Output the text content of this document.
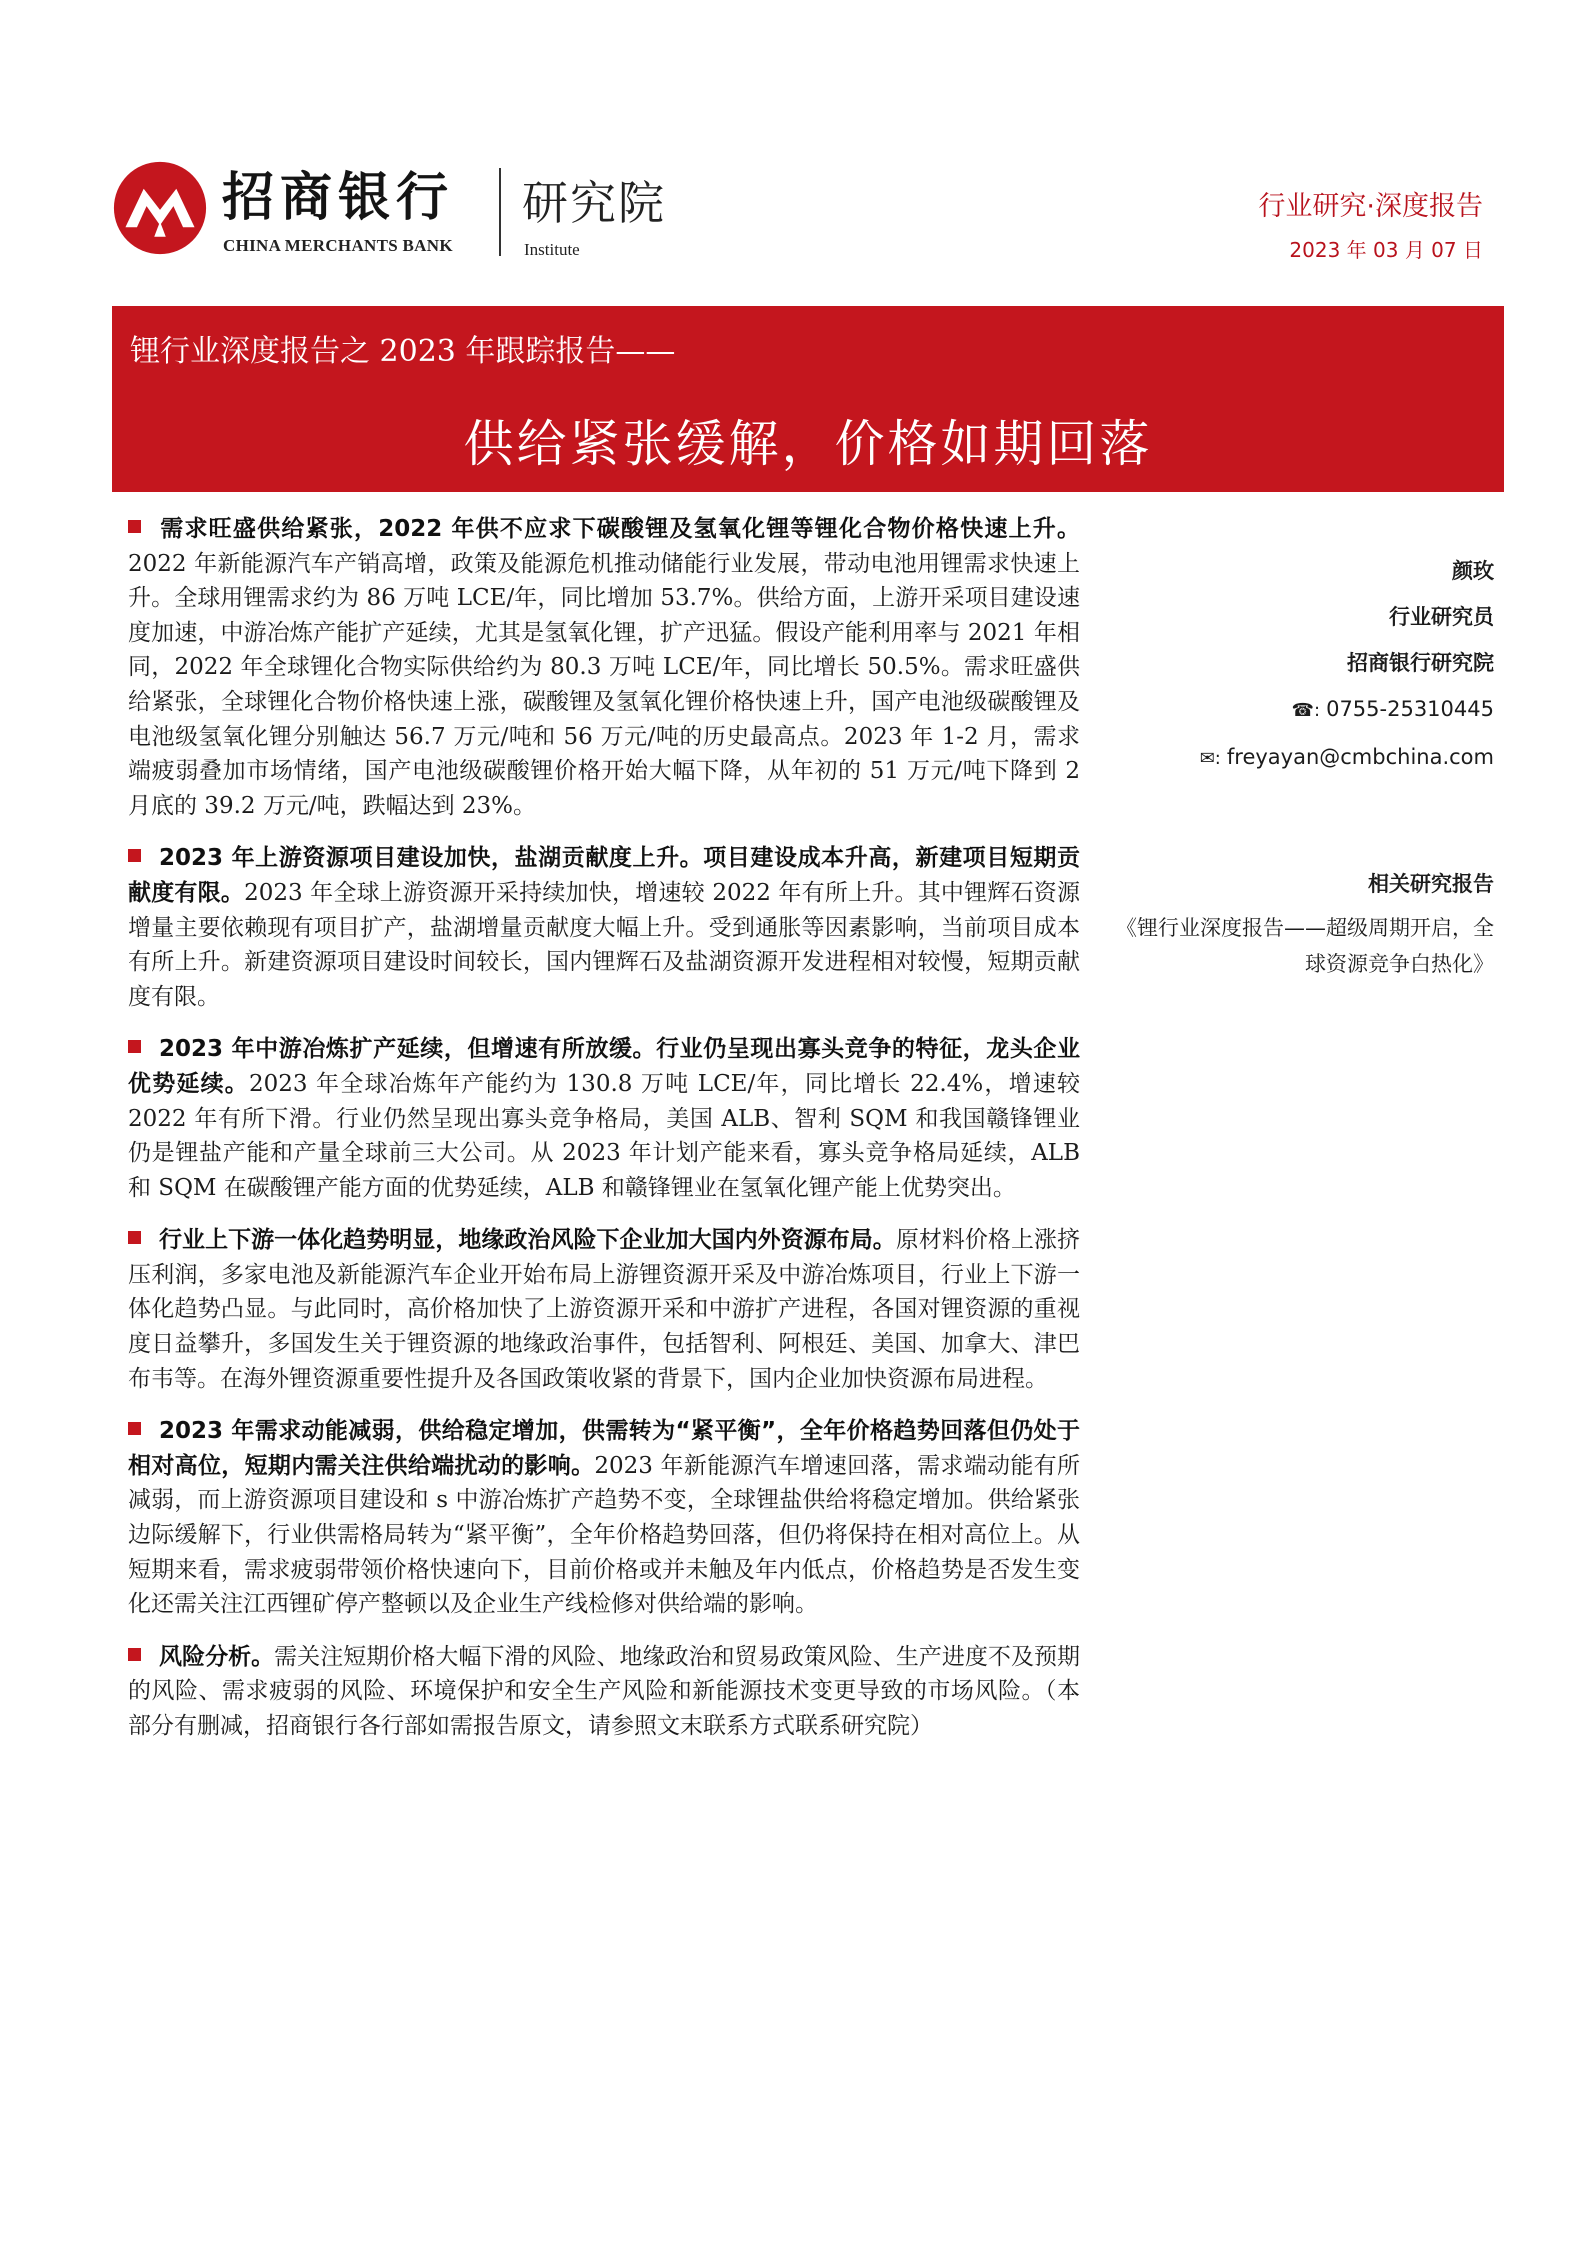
招商银行
CHINA MERCHANTS BANK
研究院
Institute
行业研究·深度报告
2023 年 03 月 07 日
锂行业深度报告之 2023 年跟踪报告——
供给紧张缓解，价格如期回落

需求旺盛供给紧张，2022 年供不应求下碳酸锂及氢氧化锂等锂化合物价格快速上升。2022 年新能源汽车产销高增，政策及能源危机推动储能行业发展，带动电池用锂需求快速上升。全球用锂需求约为 86 万吨 LCE/年，同比增加 53.7%。供给方面，上游开采项目建设速度加速，中游冶炼产能扩产延续，尤其是氢氧化锂，扩产迅猛。假设产能利用率与 2021 年相同，2022 年全球锂化合物实际供给约为 80.3 万吨 LCE/年，同比增长 50.5%。需求旺盛供给紧张，全球锂化合物价格快速上涨，碳酸锂及氢氧化锂价格快速上升，国产电池级碳酸锂及电池级氢氧化锂分别触达 56.7 万元/吨和 56 万元/吨的历史最高点。2023 年 1-2 月，需求端疲弱叠加市场情绪，国产电池级碳酸锂价格开始大幅下降，从年初的 51 万元/吨下降到 2 月底的 39.2 万元/吨，跌幅达到 23%。

2023 年上游资源项目建设加快，盐湖贡献度上升。项目建设成本升高，新建项目短期贡献度有限。2023 年全球上游资源开采持续加快，增速较 2022 年有所上升。其中锂辉石资源增量主要依赖现有项目扩产，盐湖增量贡献度大幅上升。受到通胀等因素影响，当前项目成本有所上升。新建资源项目建设时间较长，国内锂辉石及盐湖资源开发进程相对较慢，短期贡献度有限。

2023 年中游冶炼扩产延续，但增速有所放缓。行业仍呈现出寡头竞争的特征，龙头企业优势延续。2023 年全球冶炼年产能约为 130.8 万吨 LCE/年，同比增长 22.4%，增速较 2022 年有所下滑。行业仍然呈现出寡头竞争格局，美国 ALB、智利 SQM 和我国赣锋锂业仍是锂盐产能和产量全球前三大公司。从 2023 年计划产能来看，寡头竞争格局延续，ALB 和 SQM 在碳酸锂产能方面的优势延续，ALB 和赣锋锂业在氢氧化锂产能上优势突出。

行业上下游一体化趋势明显，地缘政治风险下企业加大国内外资源布局。原材料价格上涨挤压利润，多家电池及新能源汽车企业开始布局上游锂资源开采及中游冶炼项目，行业上下游一体化趋势凸显。与此同时，高价格加快了上游资源开采和中游扩产进程，各国对锂资源的重视度日益攀升，多国发生关于锂资源的地缘政治事件，包括智利、阿根廷、美国、加拿大、津巴布韦等。在海外锂资源重要性提升及各国政策收紧的背景下，国内企业加快资源布局进程。

2023 年需求动能减弱，供给稳定增加，供需转为“紧平衡”，全年价格趋势回落但仍处于相对高位，短期内需关注供给端扰动的影响。2023 年新能源汽车增速回落，需求端动能有所减弱，而上游资源项目建设和 s 中游冶炼扩产趋势不变，全球锂盐供给将稳定增加。供给紧张边际缓解下，行业供需格局转为“紧平衡”，全年价格趋势回落，但仍将保持在相对高位上。从短期来看，需求疲弱带领价格快速向下，目前价格或并未触及年内低点，价格趋势是否发生变化还需关注江西锂矿停产整顿以及企业生产线检修对供给端的影响。

风险分析。需关注短期价格大幅下滑的风险、地缘政治和贸易政策风险、生产进度不及预期的风险、需求疲弱的风险、环境保护和安全生产风险和新能源技术变更导致的市场风险。（本部分有删减，招商银行各行部如需报告原文，请参照文末联系方式联系研究院）

颜玫
行业研究员
招商银行研究院
☎: 0755-25310445
✉: freyayan@cmbchina.com
相关研究报告
《锂行业深度报告——超级周期开启，全球资源竞争白热化》
